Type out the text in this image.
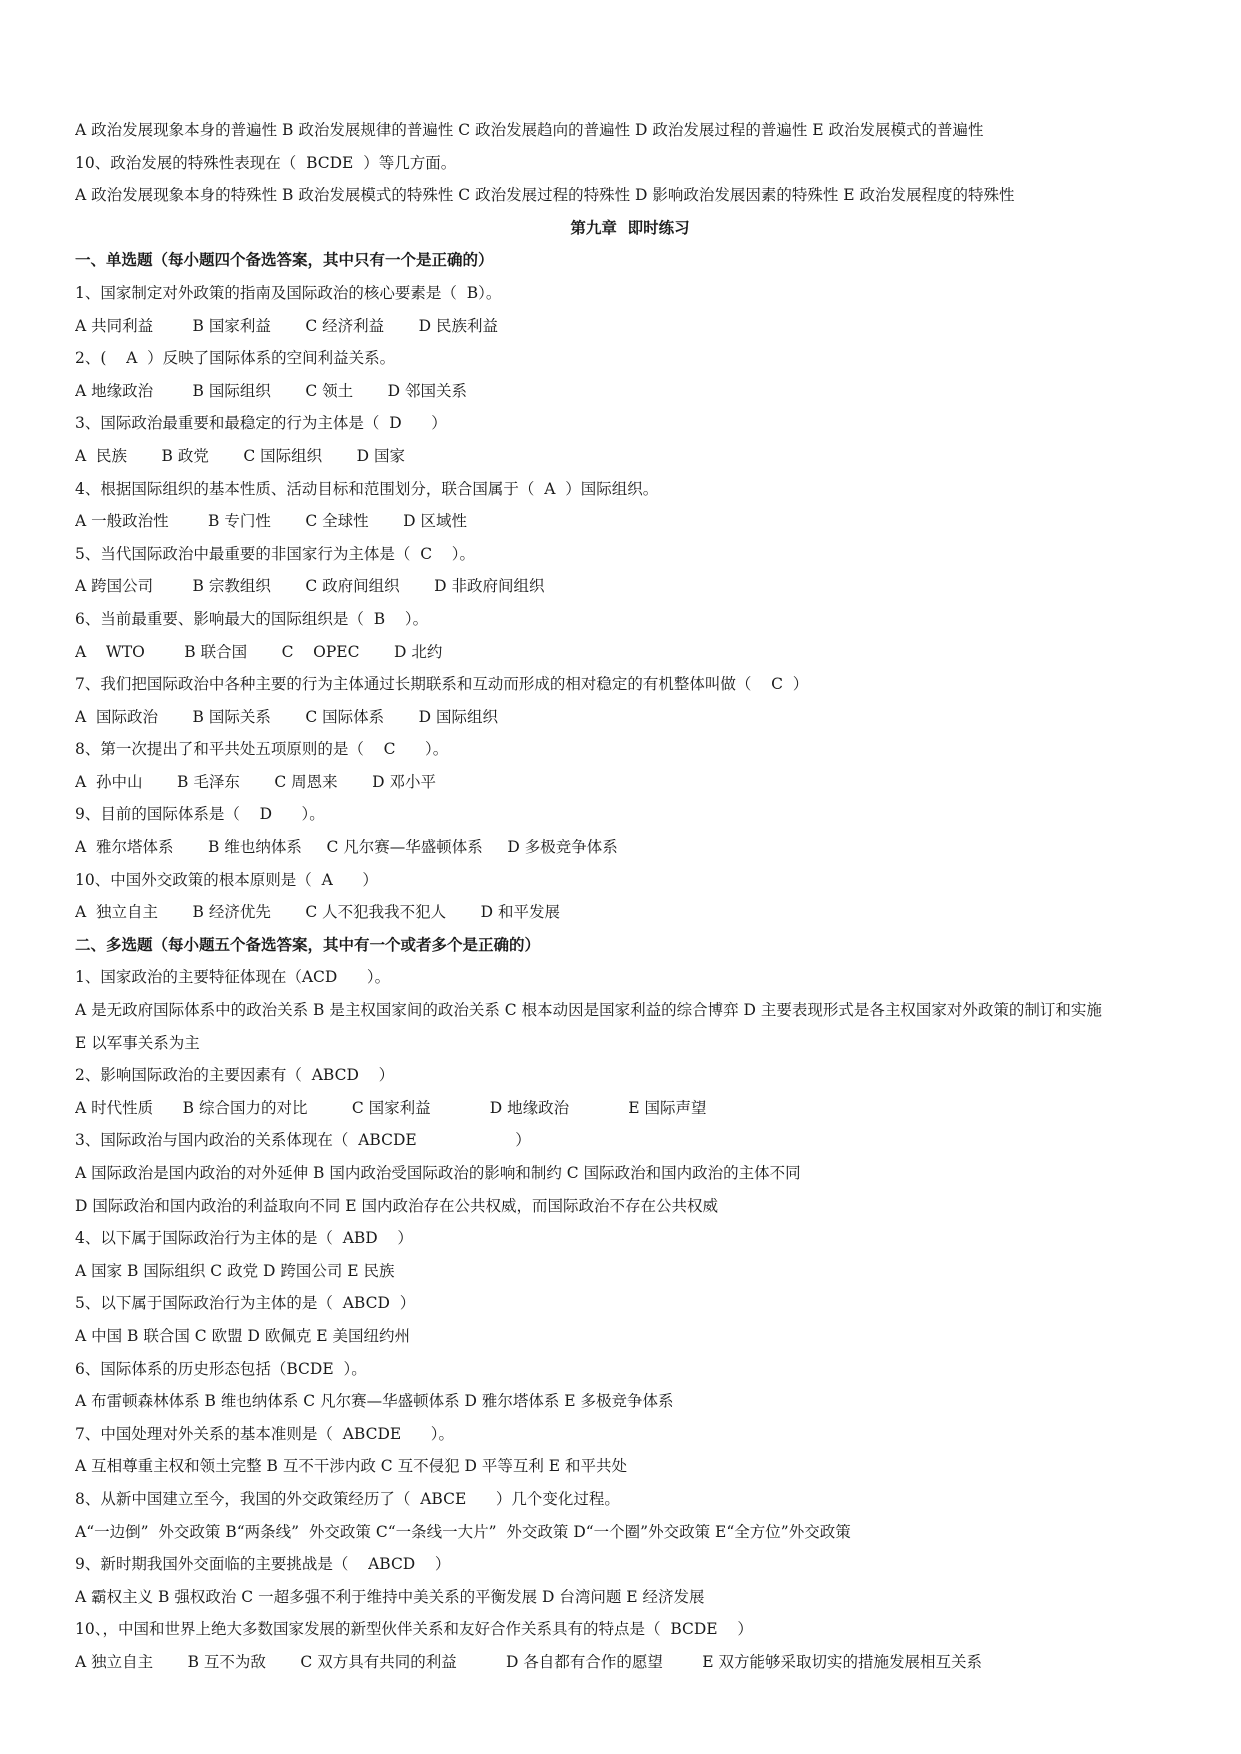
A 政治发展现象本身的普遍性 B 政治发展规律的普遍性 C 政治发展趋向的普遍性 D 政治发展过程的普遍性 E 政治发展模式的普遍性
10、政治发展的特殊性表现在（  BCDE  ）等几方面。
A 政治发展现象本身的特殊性 B 政治发展模式的特殊性 C 政治发展过程的特殊性 D 影响政治发展因素的特殊性 E 政治发展程度的特殊性
第九章  即时练习
一、单选题（每小题四个备选答案，其中只有一个是正确的）
1、国家制定对外政策的指南及国际政治的核心要素是（  B）。
A 共同利益        B 国家利益       C 经济利益       D 民族利益
2、(    A  ）反映了国际体系的空间利益关系。
A 地缘政治        B 国际组织       C 领土       D 邻国关系
3、国际政治最重要和最稳定的行为主体是（  D      ）
A  民族       B 政党       C 国际组织       D 国家
4、根据国际组织的基本性质、活动目标和范围划分，联合国属于（  A  ）国际组织。
A 一般政治性        B 专门性       C 全球性       D 区域性
5、当代国际政治中最重要的非国家行为主体是（  C    ）。
A 跨国公司        B 宗教组织       C 政府间组织       D 非政府间组织
6、当前最重要、影响最大的国际组织是（  B    ）。
A    WTO        B 联合国       C    OPEC       D 北约
7、我们把国际政治中各种主要的行为主体通过长期联系和互动而形成的相对稳定的有机整体叫做（    C  ）
A  国际政治       B 国际关系       C 国际体系       D 国际组织
8、第一次提出了和平共处五项原则的是（    C      ）。
A  孙中山       B 毛泽东       C 周恩来       D 邓小平
9、目前的国际体系是（    D      ）。
A  雅尔塔体系       B 维也纳体系     C 凡尔赛—华盛顿体系     D 多极竞争体系
10、中国外交政策的根本原则是（  A      ）
A  独立自主       B 经济优先       C 人不犯我我不犯人       D 和平发展
二、多选题（每小题五个备选答案，其中有一个或者多个是正确的）
1、国家政治的主要特征体现在（ACD      ）。
A 是无政府国际体系中的政治关系 B 是主权国家间的政治关系 C 根本动因是国家利益的综合博弈 D 主要表现形式是各主权国家对外政策的制订和实施
E 以军事关系为主
2、影响国际政治的主要因素有（  ABCD    ）
A 时代性质      B 综合国力的对比         C 国家利益            D 地缘政治            E 国际声望
3、国际政治与国内政治的关系体现在（  ABCDE                    ）
A 国际政治是国内政治的对外延伸 B 国内政治受国际政治的影响和制约 C 国际政治和国内政治的主体不同
D 国际政治和国内政治的利益取向不同 E 国内政治存在公共权威，而国际政治不存在公共权威
4、以下属于国际政治行为主体的是（  ABD    ）
A 国家 B 国际组织 C 政党 D 跨国公司 E 民族
5、以下属于国际政治行为主体的是（  ABCD  ）
A 中国 B 联合国 C 欧盟 D 欧佩克 E 美国纽约州
6、国际体系的历史形态包括（BCDE  ）。
A 布雷顿森林体系 B 维也纳体系 C 凡尔赛—华盛顿体系 D 雅尔塔体系 E 多极竞争体系
7、中国处理对外关系的基本准则是（  ABCDE      ）。
A 互相尊重主权和领土完整 B 互不干涉内政 C 互不侵犯 D 平等互利 E 和平共处
8、从新中国建立至今，我国的外交政策经历了（  ABCE      ）几个变化过程。
A“一边倒”  外交政策 B“两条线”  外交政策 C“一条线一大片”  外交政策 D“一个圈”外交政策 E“全方位”外交政策
9、新时期我国外交面临的主要挑战是（    ABCD    ）
A 霸权主义 B 强权政治 C 一超多强不利于维持中美关系的平衡发展 D 台湾问题 E 经济发展
10、，中国和世界上绝大多数国家发展的新型伙伴关系和友好合作关系具有的特点是（  BCDE    ）
A 独立自主       B 互不为敌       C 双方具有共同的利益          D 各自都有合作的愿望        E 双方能够采取切实的措施发展相互关系
